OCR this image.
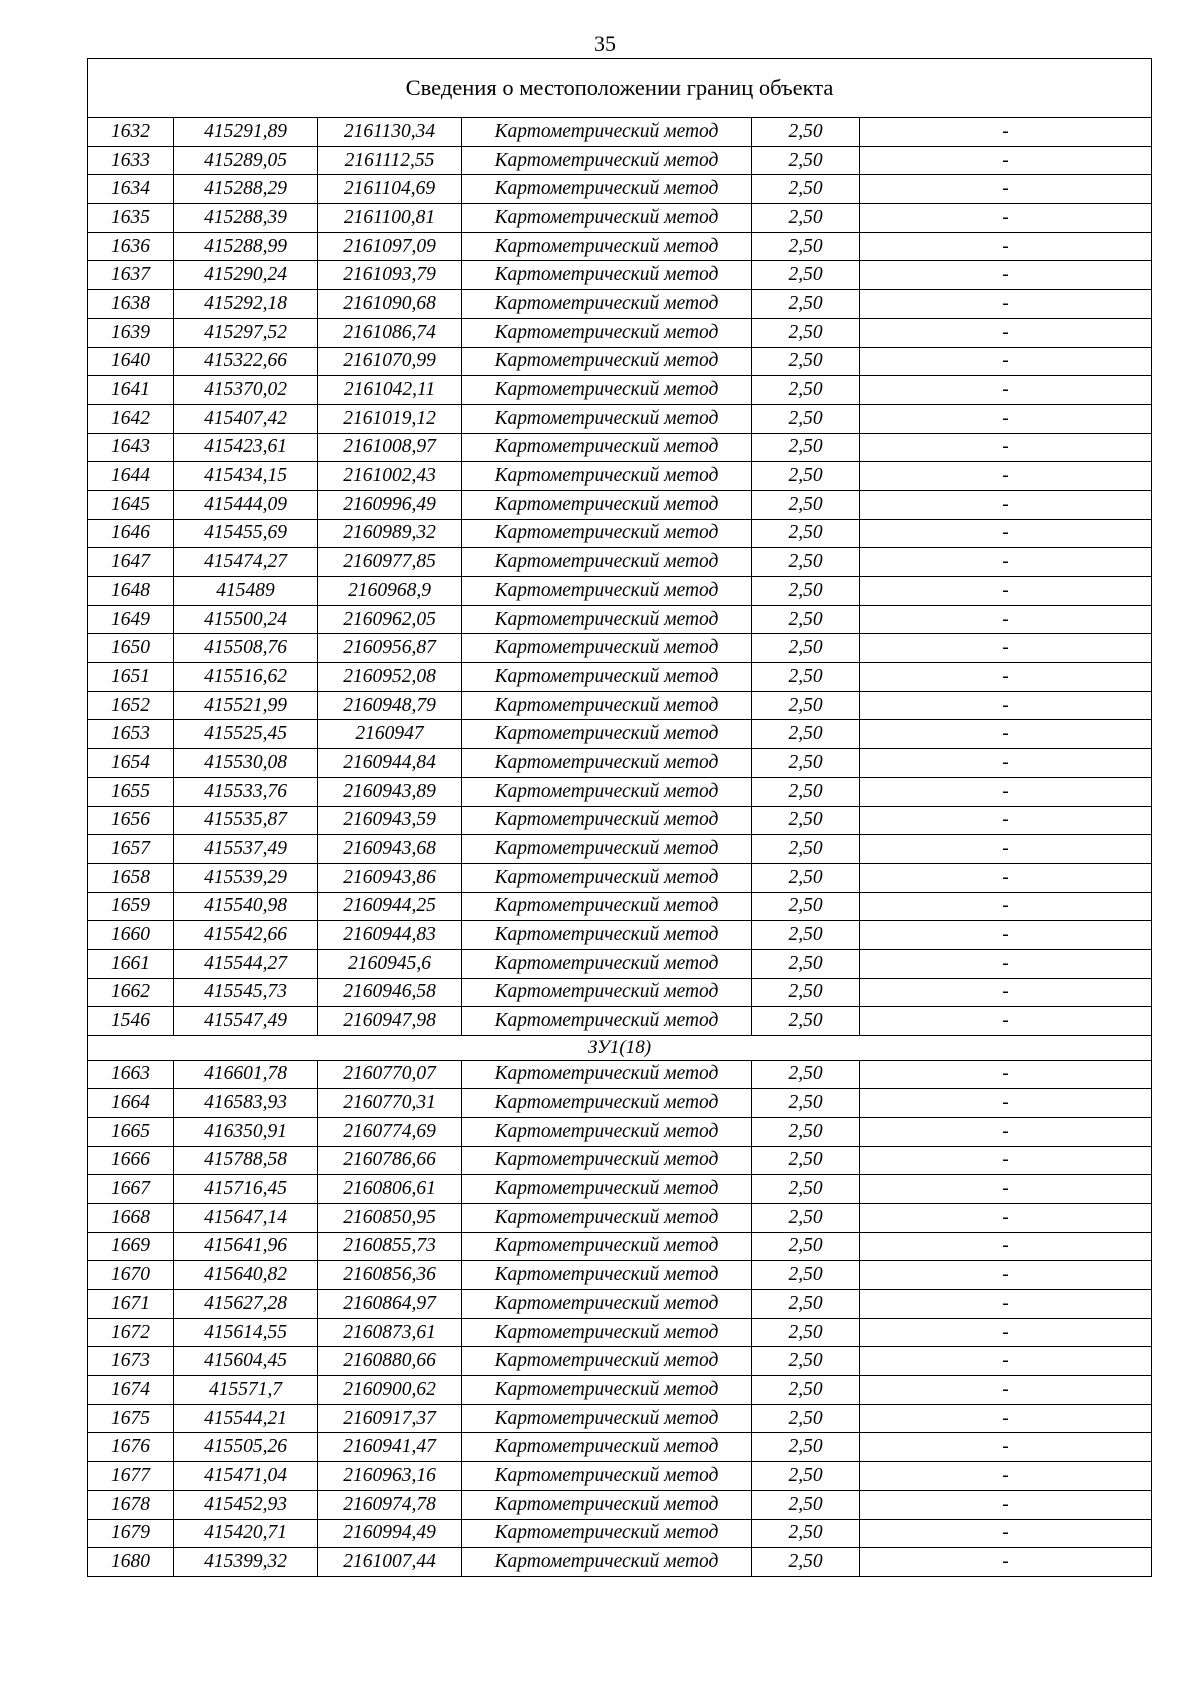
35
Сведения о местоположении границ объекта					
1632	415291,89	2161130,34	Картометрический метод	2,50	-
1633	415289,05	2161112,55	Картометрический метод	2,50	-
1634	415288,29	2161104,69	Картометрический метод	2,50	-
1635	415288,39	2161100,81	Картометрический метод	2,50	-
1636	415288,99	2161097,09	Картометрический метод	2,50	-
1637	415290,24	2161093,79	Картометрический метод	2,50	-
1638	415292,18	2161090,68	Картометрический метод	2,50	-
1639	415297,52	2161086,74	Картометрический метод	2,50	-
1640	415322,66	2161070,99	Картометрический метод	2,50	-
1641	415370,02	2161042,11	Картометрический метод	2,50	-
1642	415407,42	2161019,12	Картометрический метод	2,50	-
1643	415423,61	2161008,97	Картометрический метод	2,50	-
1644	415434,15	2161002,43	Картометрический метод	2,50	-
1645	415444,09	2160996,49	Картометрический метод	2,50	-
1646	415455,69	2160989,32	Картометрический метод	2,50	-
1647	415474,27	2160977,85	Картометрический метод	2,50	-
1648	415489	2160968,9	Картометрический метод	2,50	-
1649	415500,24	2160962,05	Картометрический метод	2,50	-
1650	415508,76	2160956,87	Картометрический метод	2,50	-
1651	415516,62	2160952,08	Картометрический метод	2,50	-
1652	415521,99	2160948,79	Картометрический метод	2,50	-
1653	415525,45	2160947	Картометрический метод	2,50	-
1654	415530,08	2160944,84	Картометрический метод	2,50	-
1655	415533,76	2160943,89	Картометрический метод	2,50	-
1656	415535,87	2160943,59	Картометрический метод	2,50	-
1657	415537,49	2160943,68	Картометрический метод	2,50	-
1658	415539,29	2160943,86	Картометрический метод	2,50	-
1659	415540,98	2160944,25	Картометрический метод	2,50	-
1660	415542,66	2160944,83	Картометрический метод	2,50	-
1661	415544,27	2160945,6	Картометрический метод	2,50	-
1662	415545,73	2160946,58	Картометрический метод	2,50	-
1546	415547,49	2160947,98	Картометрический метод	2,50	-
ЗУ1(18)					
1663	416601,78	2160770,07	Картометрический метод	2,50	-
1664	416583,93	2160770,31	Картометрический метод	2,50	-
1665	416350,91	2160774,69	Картометрический метод	2,50	-
1666	415788,58	2160786,66	Картометрический метод	2,50	-
1667	415716,45	2160806,61	Картометрический метод	2,50	-
1668	415647,14	2160850,95	Картометрический метод	2,50	-
1669	415641,96	2160855,73	Картометрический метод	2,50	-
1670	415640,82	2160856,36	Картометрический метод	2,50	-
1671	415627,28	2160864,97	Картометрический метод	2,50	-
1672	415614,55	2160873,61	Картометрический метод	2,50	-
1673	415604,45	2160880,66	Картометрический метод	2,50	-
1674	415571,7	2160900,62	Картометрический метод	2,50	-
1675	415544,21	2160917,37	Картометрический метод	2,50	-
1676	415505,26	2160941,47	Картометрический метод	2,50	-
1677	415471,04	2160963,16	Картометрический метод	2,50	-
1678	415452,93	2160974,78	Картометрический метод	2,50	-
1679	415420,71	2160994,49	Картометрический метод	2,50	-
1680	415399,32	2161007,44	Картометрический метод	2,50	-
